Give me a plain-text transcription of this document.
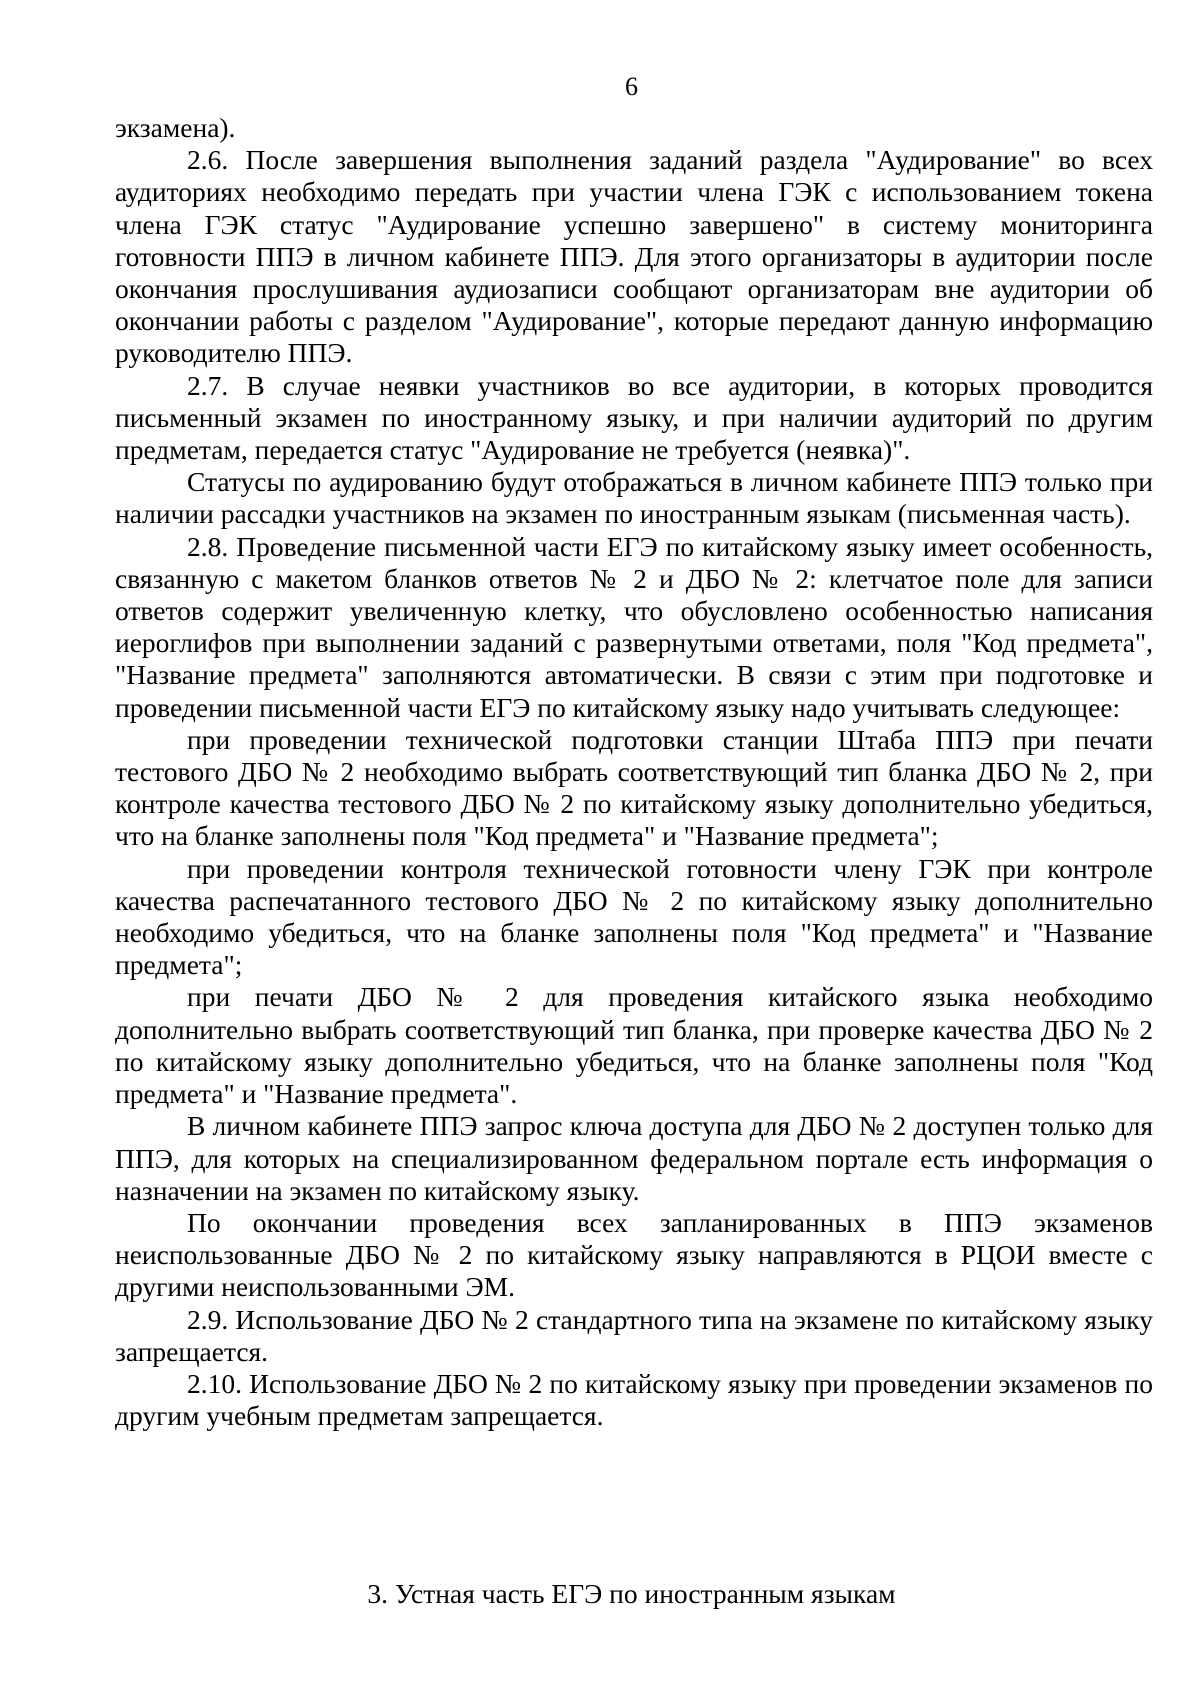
6

экзамена).

2.6. После завершения выполнения заданий раздела "Аудирование" во всех аудиториях необходимо передать при участии члена ГЭК с использованием токена члена ГЭК статус "Аудирование успешно завершено" в систему мониторинга готовности ППЭ в личном кабинете ППЭ. Для этого организаторы в аудитории после окончания прослушивания аудиозаписи сообщают организаторам вне аудитории об окончании работы с разделом "Аудирование", которые передают данную информацию руководителю ППЭ.

2.7. В случае неявки участников во все аудитории, в которых проводится письменный экзамен по иностранному языку, и при наличии аудиторий по другим предметам, передается статус "Аудирование не требуется (неявка)".

Статусы по аудированию будут отображаться в личном кабинете ППЭ только при наличии рассадки участников на экзамен по иностранным языкам (письменная часть).

2.8. Проведение письменной части ЕГЭ по китайскому языку имеет особенность, связанную с макетом бланков ответов № 2 и ДБО № 2: клетчатое поле для записи ответов содержит увеличенную клетку, что обусловлено особенностью написания иероглифов при выполнении заданий с развернутыми ответами, поля "Код предмета", "Название предмета" заполняются автоматически. В связи с этим при подготовке и проведении письменной части ЕГЭ по китайскому языку надо учитывать следующее:

при проведении технической подготовки станции Штаба ППЭ при печати тестового ДБО № 2 необходимо выбрать соответствующий тип бланка ДБО № 2, при контроле качества тестового ДБО № 2 по китайскому языку дополнительно убедиться, что на бланке заполнены поля "Код предмета" и "Название предмета";

при проведении контроля технической готовности члену ГЭК при контроле качества распечатанного тестового ДБО № 2 по китайскому языку дополнительно необходимо убедиться, что на бланке заполнены поля "Код предмета" и "Название предмета";

при печати ДБО № 2 для проведения китайского языка необходимо дополнительно выбрать соответствующий тип бланка, при проверке качества ДБО № 2 по китайскому языку дополнительно убедиться, что на бланке заполнены поля "Код предмета" и "Название предмета".

В личном кабинете ППЭ запрос ключа доступа для ДБО № 2 доступен только для ППЭ, для которых на специализированном федеральном портале есть информация о назначении на экзамен по китайскому языку.

По окончании проведения всех запланированных в ППЭ экзаменов неиспользованные ДБО № 2 по китайскому языку направляются в РЦОИ вместе с другими неиспользованными ЭМ.

2.9. Использование ДБО № 2 стандартного типа на экзамене по китайскому языку запрещается.

2.10. Использование ДБО № 2 по китайскому языку при проведении экзаменов по другим учебным предметам запрещается.

3. Устная часть ЕГЭ по иностранным языкам
